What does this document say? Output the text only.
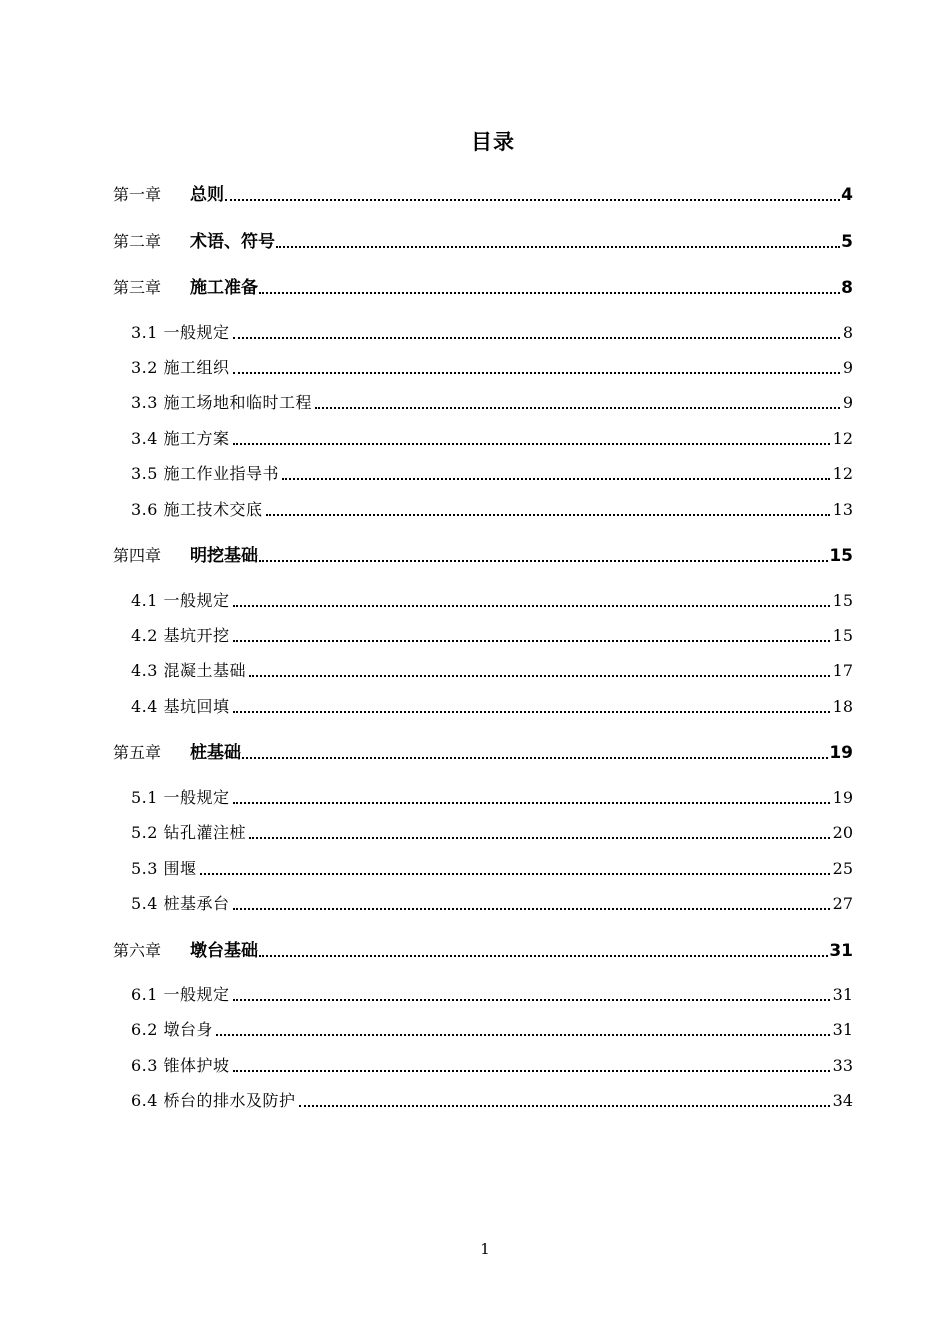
目录
第一章	总则	4
第二章	术语、符号	5
第三章	施工准备	8
3.1 一般规定	8
3.2 施工组织	9
3.3 施工场地和临时工程	9
3.4 施工方案	12
3.5 施工作业指导书	12
3.6 施工技术交底	13
第四章	明挖基础	15
4.1 一般规定	15
4.2 基坑开挖	15
4.3 混凝土基础	17
4.4 基坑回填	18
第五章	桩基础	19
5.1 一般规定	19
5.2 钻孔灌注桩	20
5.3 围堰	25
5.4 桩基承台	27
第六章	墩台基础	31
6.1 一般规定	31
6.2 墩台身	31
6.3 锥体护坡	33
6.4 桥台的排水及防护	34
1
